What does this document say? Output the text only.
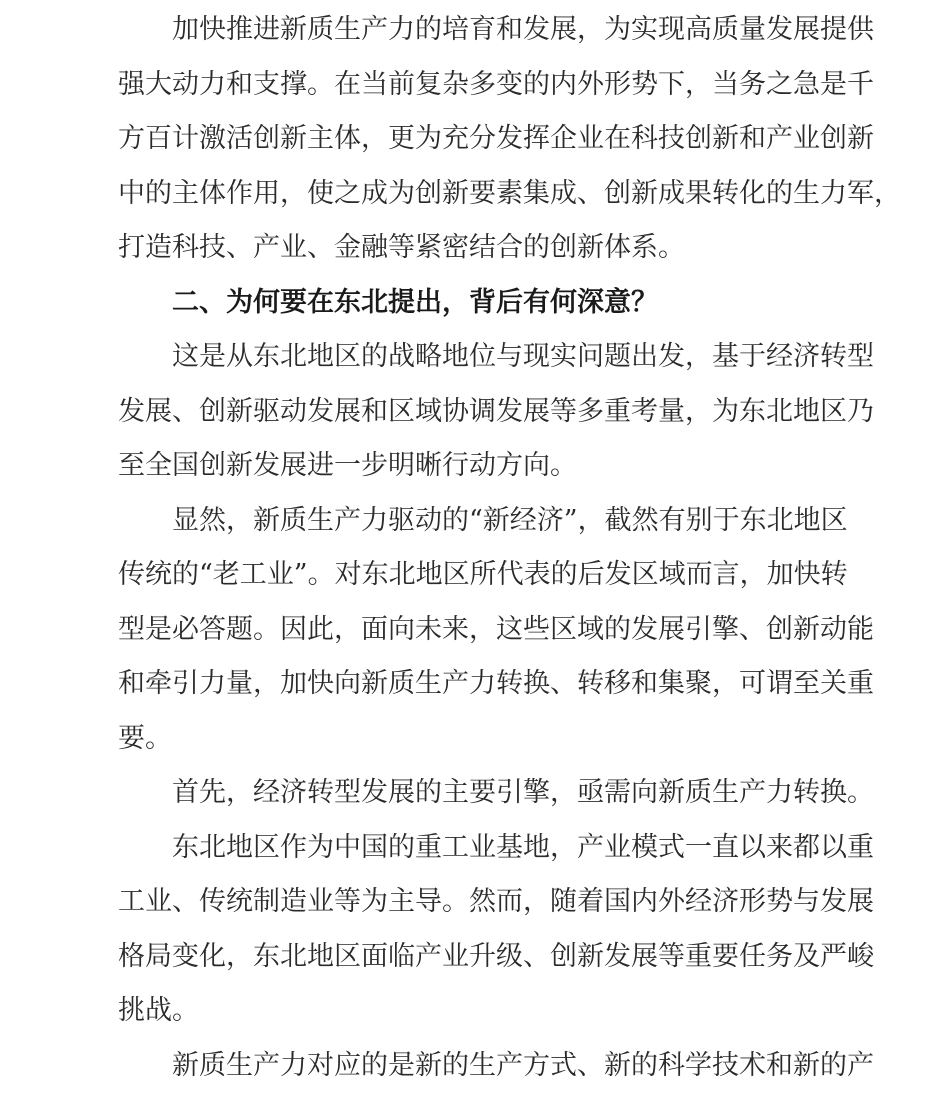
加快推进新质生产力的培育和发展，为实现高质量发展提供
强大动力和支撑。在当前复杂多变的内外形势下，当务之急是千
方百计激活创新主体，更为充分发挥企业在科技创新和产业创新
中的主体作用，使之成为创新要素集成、创新成果转化的生力军，
打造科技、产业、金融等紧密结合的创新体系。
二、为何要在东北提出，背后有何深意？
这是从东北地区的战略地位与现实问题出发，基于经济转型
发展、创新驱动发展和区域协调发展等多重考量，为东北地区乃
至全国创新发展进一步明晰行动方向。
显然，新质生产力驱动的“新经济”，截然有别于东北地区
传统的“老工业”。对东北地区所代表的后发区域而言，加快转
型是必答题。因此，面向未来，这些区域的发展引擎、创新动能
和牵引力量，加快向新质生产力转换、转移和集聚，可谓至关重
要。
首先，经济转型发展的主要引擎，亟需向新质生产力转换。
东北地区作为中国的重工业基地，产业模式一直以来都以重
工业、传统制造业等为主导。然而，随着国内外经济形势与发展
格局变化，东北地区面临产业升级、创新发展等重要任务及严峻
挑战。
新质生产力对应的是新的生产方式、新的科学技术和新的产
